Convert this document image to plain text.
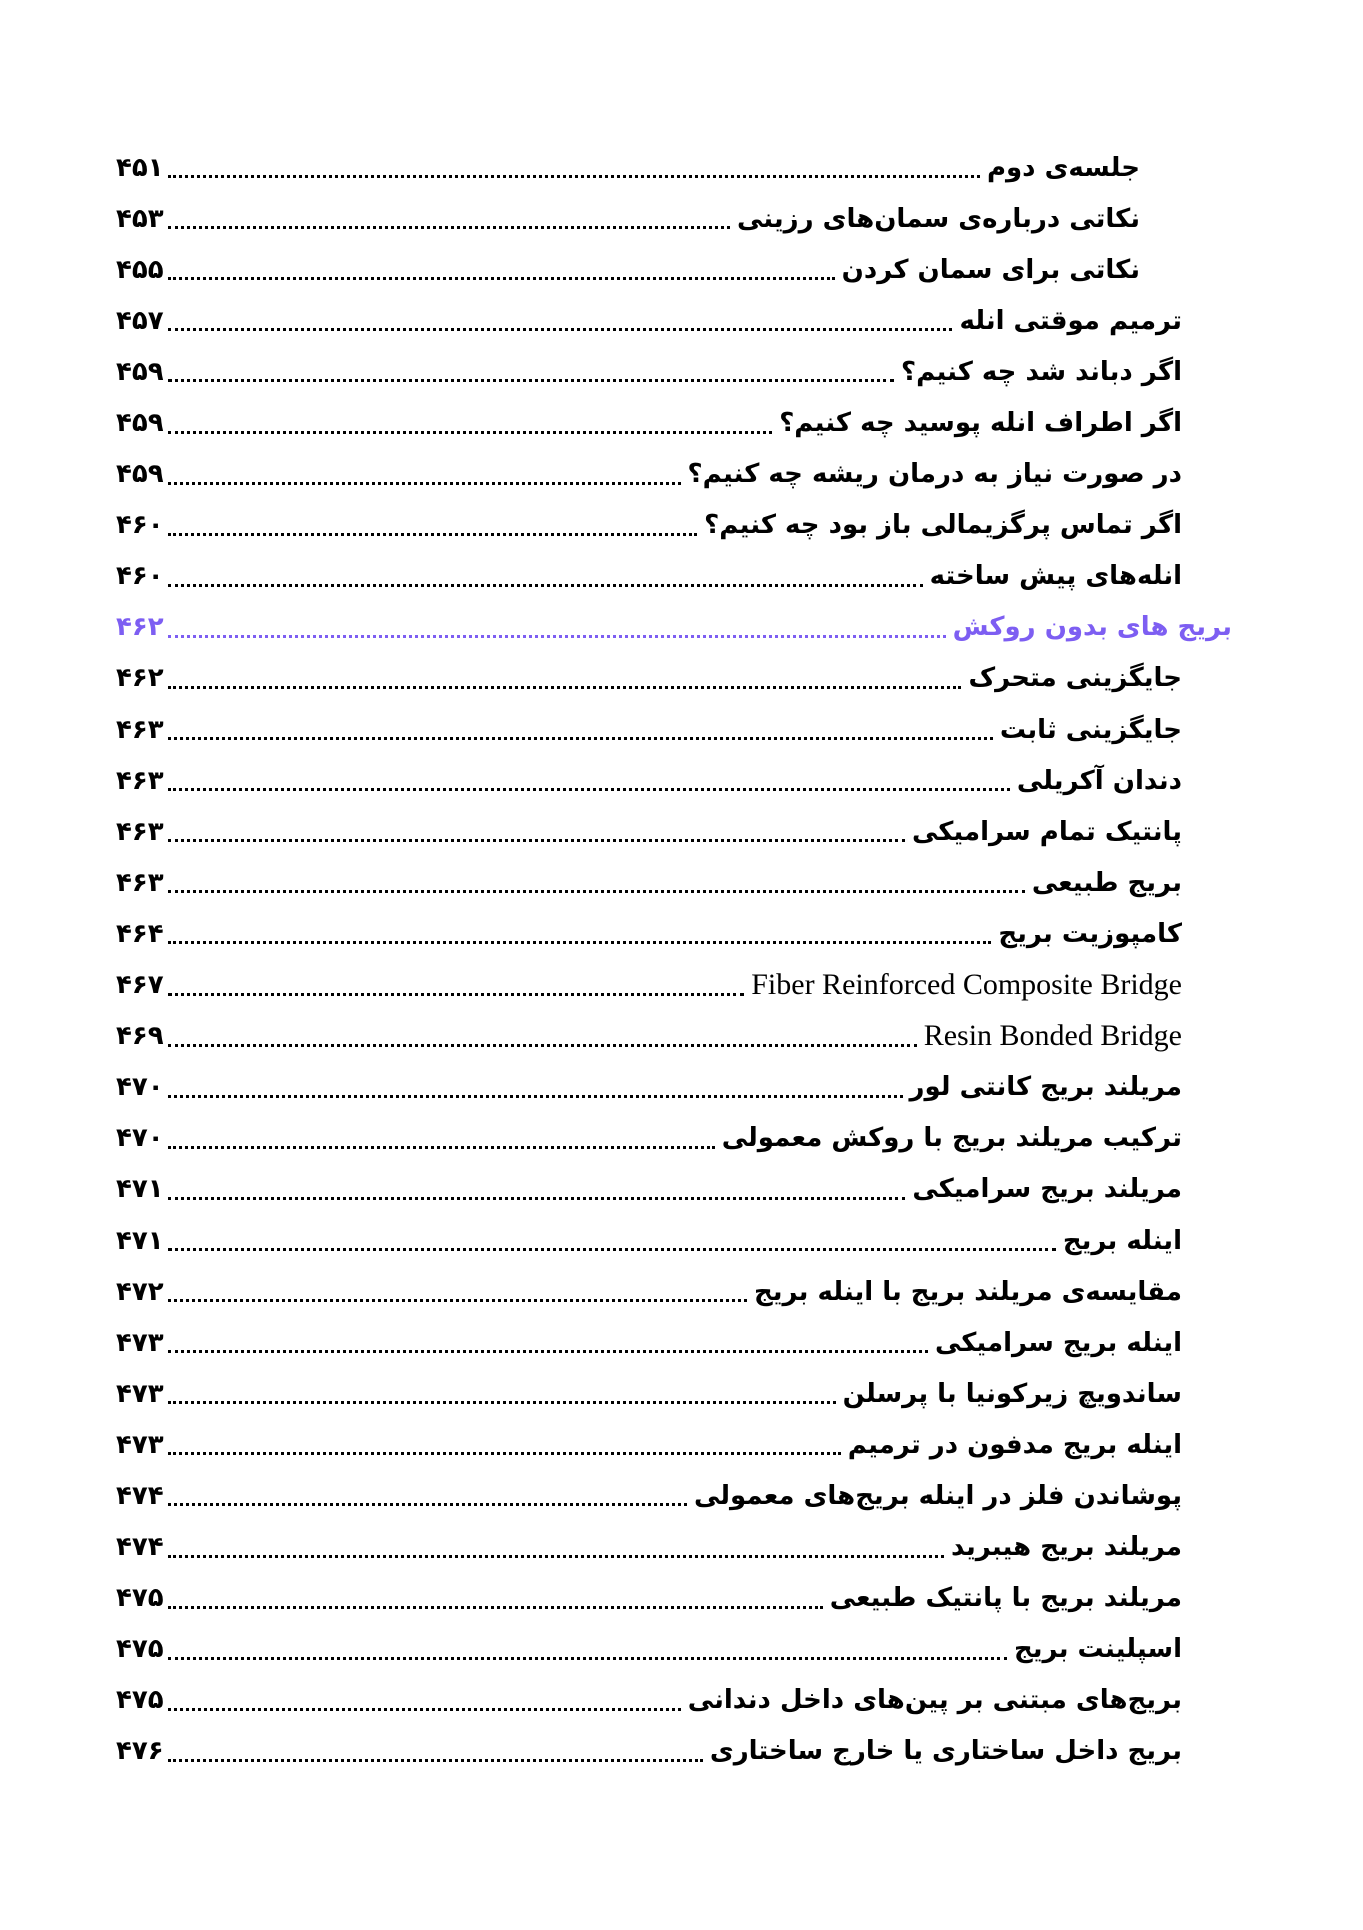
جلسه‌ی دوم
۴۵۱
نکاتی درباره‌ی سمان‌های رزینی
۴۵۳
نکاتی برای سمان کردن
۴۵۵
ترمیم موقتی انله
۴۵۷
اگر دباند شد چه کنیم؟
۴۵۹
اگر اطراف انله پوسید چه کنیم؟
۴۵۹
در صورت نیاز به درمان ریشه چه کنیم؟
۴۵۹
اگر تماس پرگزیمالی باز بود چه کنیم؟
۴۶۰
انله‌های پیش ساخته
۴۶۰
بریج های بدون روکش
۴۶۲
جایگزینی متحرک
۴۶۲
جایگزینی ثابت
۴۶۳
دندان آکریلی
۴۶۳
پانتیک تمام سرامیکی
۴۶۳
بریج طبیعی
۴۶۳
کامپوزیت بریج
۴۶۴
Fiber Reinforced Composite Bridge
۴۶۷
Resin Bonded Bridge
۴۶۹
مریلند بریج کانتی لور
۴۷۰
ترکیب مریلند بریج با روکش معمولی
۴۷۰
مریلند بریج سرامیکی
۴۷۱
اینله بریج
۴۷۱
مقایسه‌ی مریلند بریج با اینله بریج
۴۷۲
اینله بریج سرامیکی
۴۷۳
ساندویچ زیرکونیا با پرسلن
۴۷۳
اینله بریج مدفون در ترمیم
۴۷۳
پوشاندن فلز در اینله بریج‌های معمولی
۴۷۴
مریلند بریج هیبرید
۴۷۴
مریلند بریج با پانتیک طبیعی
۴۷۵
اسپلینت بریج
۴۷۵
بریج‌های مبتنی بر پین‌های داخل دندانی
۴۷۵
بریج داخل ساختاری یا خارج ساختاری
۴۷۶
